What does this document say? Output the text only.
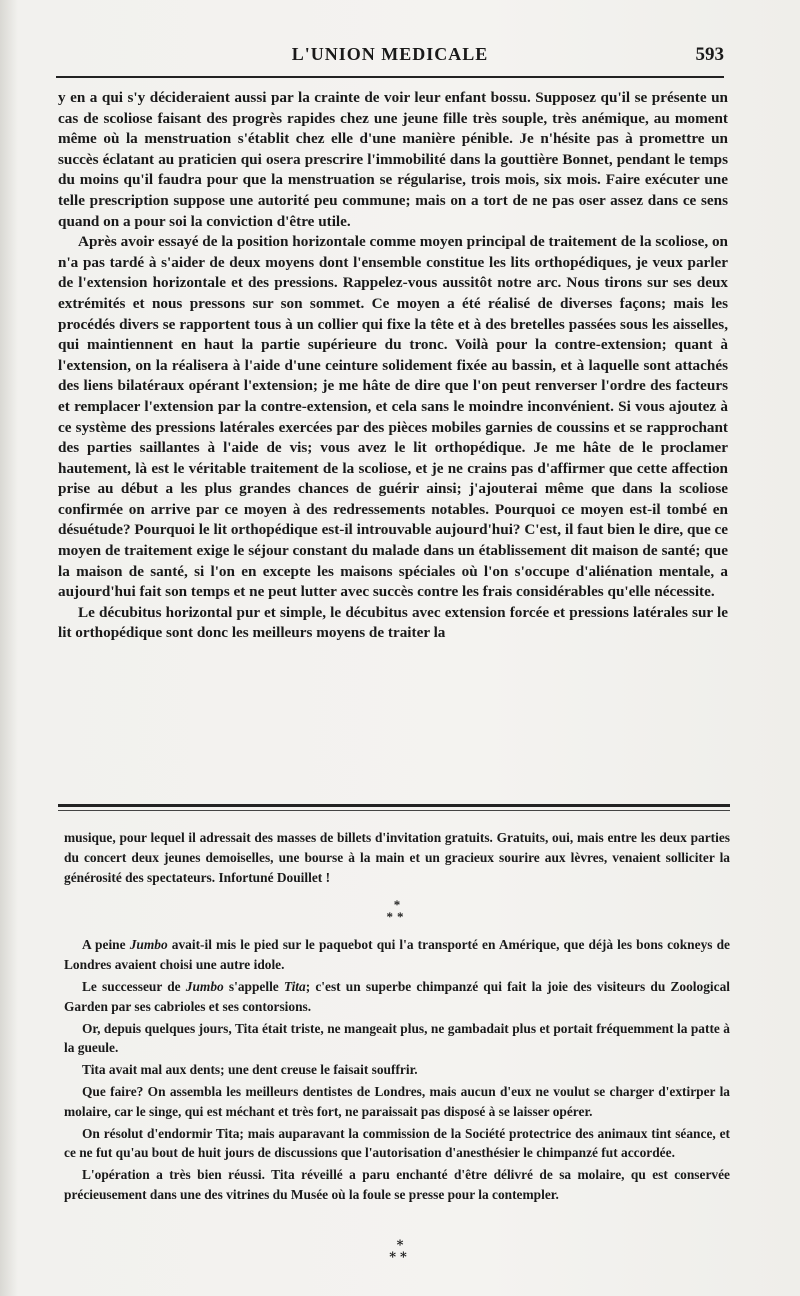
L'UNION MEDICALE	593

y en a qui s'y décideraient aussi par la crainte de voir leur enfant bossu. Supposez qu'il se présente un cas de scoliose faisant des progrès rapides chez une jeune fille très souple, très anémique, au moment même où la menstruation s'établit chez elle d'une manière pénible. Je n'hésite pas à promettre un succès éclatant au praticien qui osera prescrire l'immobilité dans la gouttière Bonnet, pendant le temps du moins qu'il faudra pour que la menstruation se régularise, trois mois, six mois. Faire exécuter une telle prescription suppose une autorité peu commune; mais on a tort de ne pas oser assez dans ce sens quand on a pour soi la conviction d'être utile.

Après avoir essayé de la position horizontale comme moyen principal de traitement de la scoliose, on n'a pas tardé à s'aider de deux moyens dont l'ensemble constitue les lits orthopédiques, je veux parler de l'extension horizontale et des pressions. Rappelez-vous aussitôt notre arc. Nous tirons sur ses deux extrémités et nous pressons sur son sommet. Ce moyen a été réalisé de diverses façons; mais les procédés divers se rapportent tous à un collier qui fixe la tête et à des bretelles passées sous les aisselles, qui maintiennent en haut la partie supérieure du tronc. Voilà pour la contre-extension; quant à l'extension, on la réalisera à l'aide d'une ceinture solidement fixée au bassin, et à laquelle sont attachés des liens bilatéraux opérant l'extension; je me hâte de dire que l'on peut renverser l'ordre des facteurs et remplacer l'extension par la contre-extension, et cela sans le moindre inconvénient. Si vous ajoutez à ce système des pressions latérales exercées par des pièces mobiles garnies de coussins et se rapprochant des parties saillantes à l'aide de vis; vous avez le lit orthopédique. Je me hâte de le proclamer hautement, là est le véritable traitement de la scoliose, et je ne crains pas d'affirmer que cette affection prise au début a les plus grandes chances de guérir ainsi; j'ajouterai même que dans la scoliose confirmée on arrive par ce moyen à des redressements notables. Pourquoi ce moyen est-il tombé en désuétude? Pourquoi le lit orthopédique est-il introuvable aujourd'hui? C'est, il faut bien le dire, que ce moyen de traitement exige le séjour constant du malade dans un établissement dit maison de santé; que la maison de santé, si l'on en excepte les maisons spéciales où l'on s'occupe d'aliénation mentale, a aujourd'hui fait son temps et ne peut lutter avec succès contre les frais considérables qu'elle nécessite.

Le décubitus horizontal pur et simple, le décubitus avec extension forcée et pressions latérales sur le lit orthopédique sont donc les meilleurs moyens de traiter la

musique, pour lequel il adressait des masses de billets d'invitation gratuits. Gratuits, oui, mais entre les deux parties du concert deux jeunes demoiselles, une bourse à la main et un gracieux sourire aux lèvres, venaient solliciter la générosité des spectateurs. Infortuné Douillet !

*
**

A peine Jumbo avait-il mis le pied sur le paquebot qui l'a transporté en Amérique, que déjà les bons cokneys de Londres avaient choisi une autre idole.

Le successeur de Jumbo s'appelle Tita; c'est un superbe chimpanzé qui fait la joie des visiteurs du Zoological Garden par ses cabrioles et ses contorsions.

Or, depuis quelques jours, Tita était triste, ne mangeait plus, ne gambadait plus et portait fréquemment la patte à la gueule.

Tita avait mal aux dents; une dent creuse le faisait souffrir.

Que faire? On assembla les meilleurs dentistes de Londres, mais aucun d'eux ne voulut se charger d'extirper la molaire, car le singe, qui est méchant et très fort, ne paraissait pas disposé à se laisser opérer.

On résolut d'endormir Tita; mais auparavant la commission de la Société protectrice des animaux tint séance, et ce ne fut qu'au bout de huit jours de discussions que l'autorisation d'anesthésier le chimpanzé fut accordée.

L'opération a très bien réussi. Tita réveillé a paru enchanté d'être délivré de sa molaire, qu est conservée précieusement dans une des vitrines du Musée où la foule se presse pour la contempler.

*
**
